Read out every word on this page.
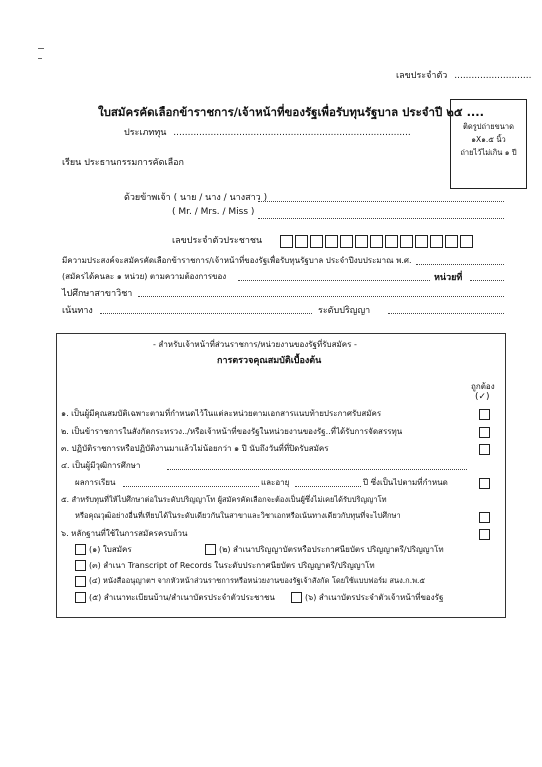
เลขประจำตัว ...........................
ใบสมัครคัดเลือกข้าราชการ/เจ้าหน้าที่ของรัฐเพื่อรับทุนรัฐบาล ประจำปี ๒๕ ....
ประเภททุน ...................................................................................
ติดรูปถ่ายขนาด
๑X๑.๕ นิ้ว
ถ่ายไว้ไม่เกิน ๑ ปี
เรียน ประธานกรรมการคัดเลือก
ด้วยข้าพเจ้า ( นาย / นาง / นางสาว )
( Mr. / Mrs. / Miss )
เลขประจำตัวประชาชน
มีความประสงค์จะสมัครคัดเลือกข้าราชการ/เจ้าหน้าที่ของรัฐเพื่อรับทุนรัฐบาล ประจำปีงบประมาณ พ.ศ.
(สมัครได้คนละ ๑ หน่วย) ตามความต้องการของ	หน่วยที่
ไปศึกษาสาขาวิชา
เน้นทาง	ระดับปริญญา
- สำหรับเจ้าหน้าที่ส่วนราชการ/หน่วยงานของรัฐที่รับสมัคร -
การตรวจคุณสมบัติเบื้องต้น
ถูกต้อง
(✓)
๑. เป็นผู้มีคุณสมบัติเฉพาะตามที่กำหนดไว้ในแต่ละหน่วยตามเอกสารแนบท้ายประกาศรับสมัคร
๒. เป็นข้าราชการในสังกัดกระทรวง../หรือเจ้าหน้าที่ของรัฐในหน่วยงานของรัฐ..ที่ได้รับการจัดสรรทุน
๓. ปฏิบัติราชการหรือปฏิบัติงานมาแล้วไม่น้อยกว่า ๑ ปี นับถึงวันที่ที่ปิดรับสมัคร
๔. เป็นผู้มีวุฒิการศึกษา
ผลการเรียน	และอายุ	ปี ซึ่งเป็นไปตามที่กำหนด
๕. สำหรับทุนที่ให้ไปศึกษาต่อในระดับปริญญาโท ผู้สมัครคัดเลือกจะต้องเป็นผู้ซึ่งไม่เคยได้รับปริญญาโท
หรือคุณวุฒิอย่างอื่นที่เทียบได้ในระดับเดียวกันในสาขาและวิชาเอกหรือเน้นทางเดียวกับทุนที่จะไปศึกษา
๖. หลักฐานที่ใช้ในการสมัครครบถ้วน
(๑) ใบสมัคร	(๒) สำเนาปริญญาบัตรหรือประกาศนียบัตร ปริญญาตรี/ปริญญาโท
(๓) สำเนา Transcript of Records ในระดับประกาศนียบัตร ปริญญาตรี/ปริญญาโท
(๔) หนังสืออนุญาตฯ จากหัวหน้าส่วนราชการหรือหน่วยงานของรัฐเจ้าสังกัด โดยใช้แบบฟอร์ม สนง.ก.พ.๕
(๕) สำเนาทะเบียนบ้าน/สำเนาบัตรประจำตัวประชาชน	(๖) สำเนาบัตรประจำตัวเจ้าหน้าที่ของรัฐ
